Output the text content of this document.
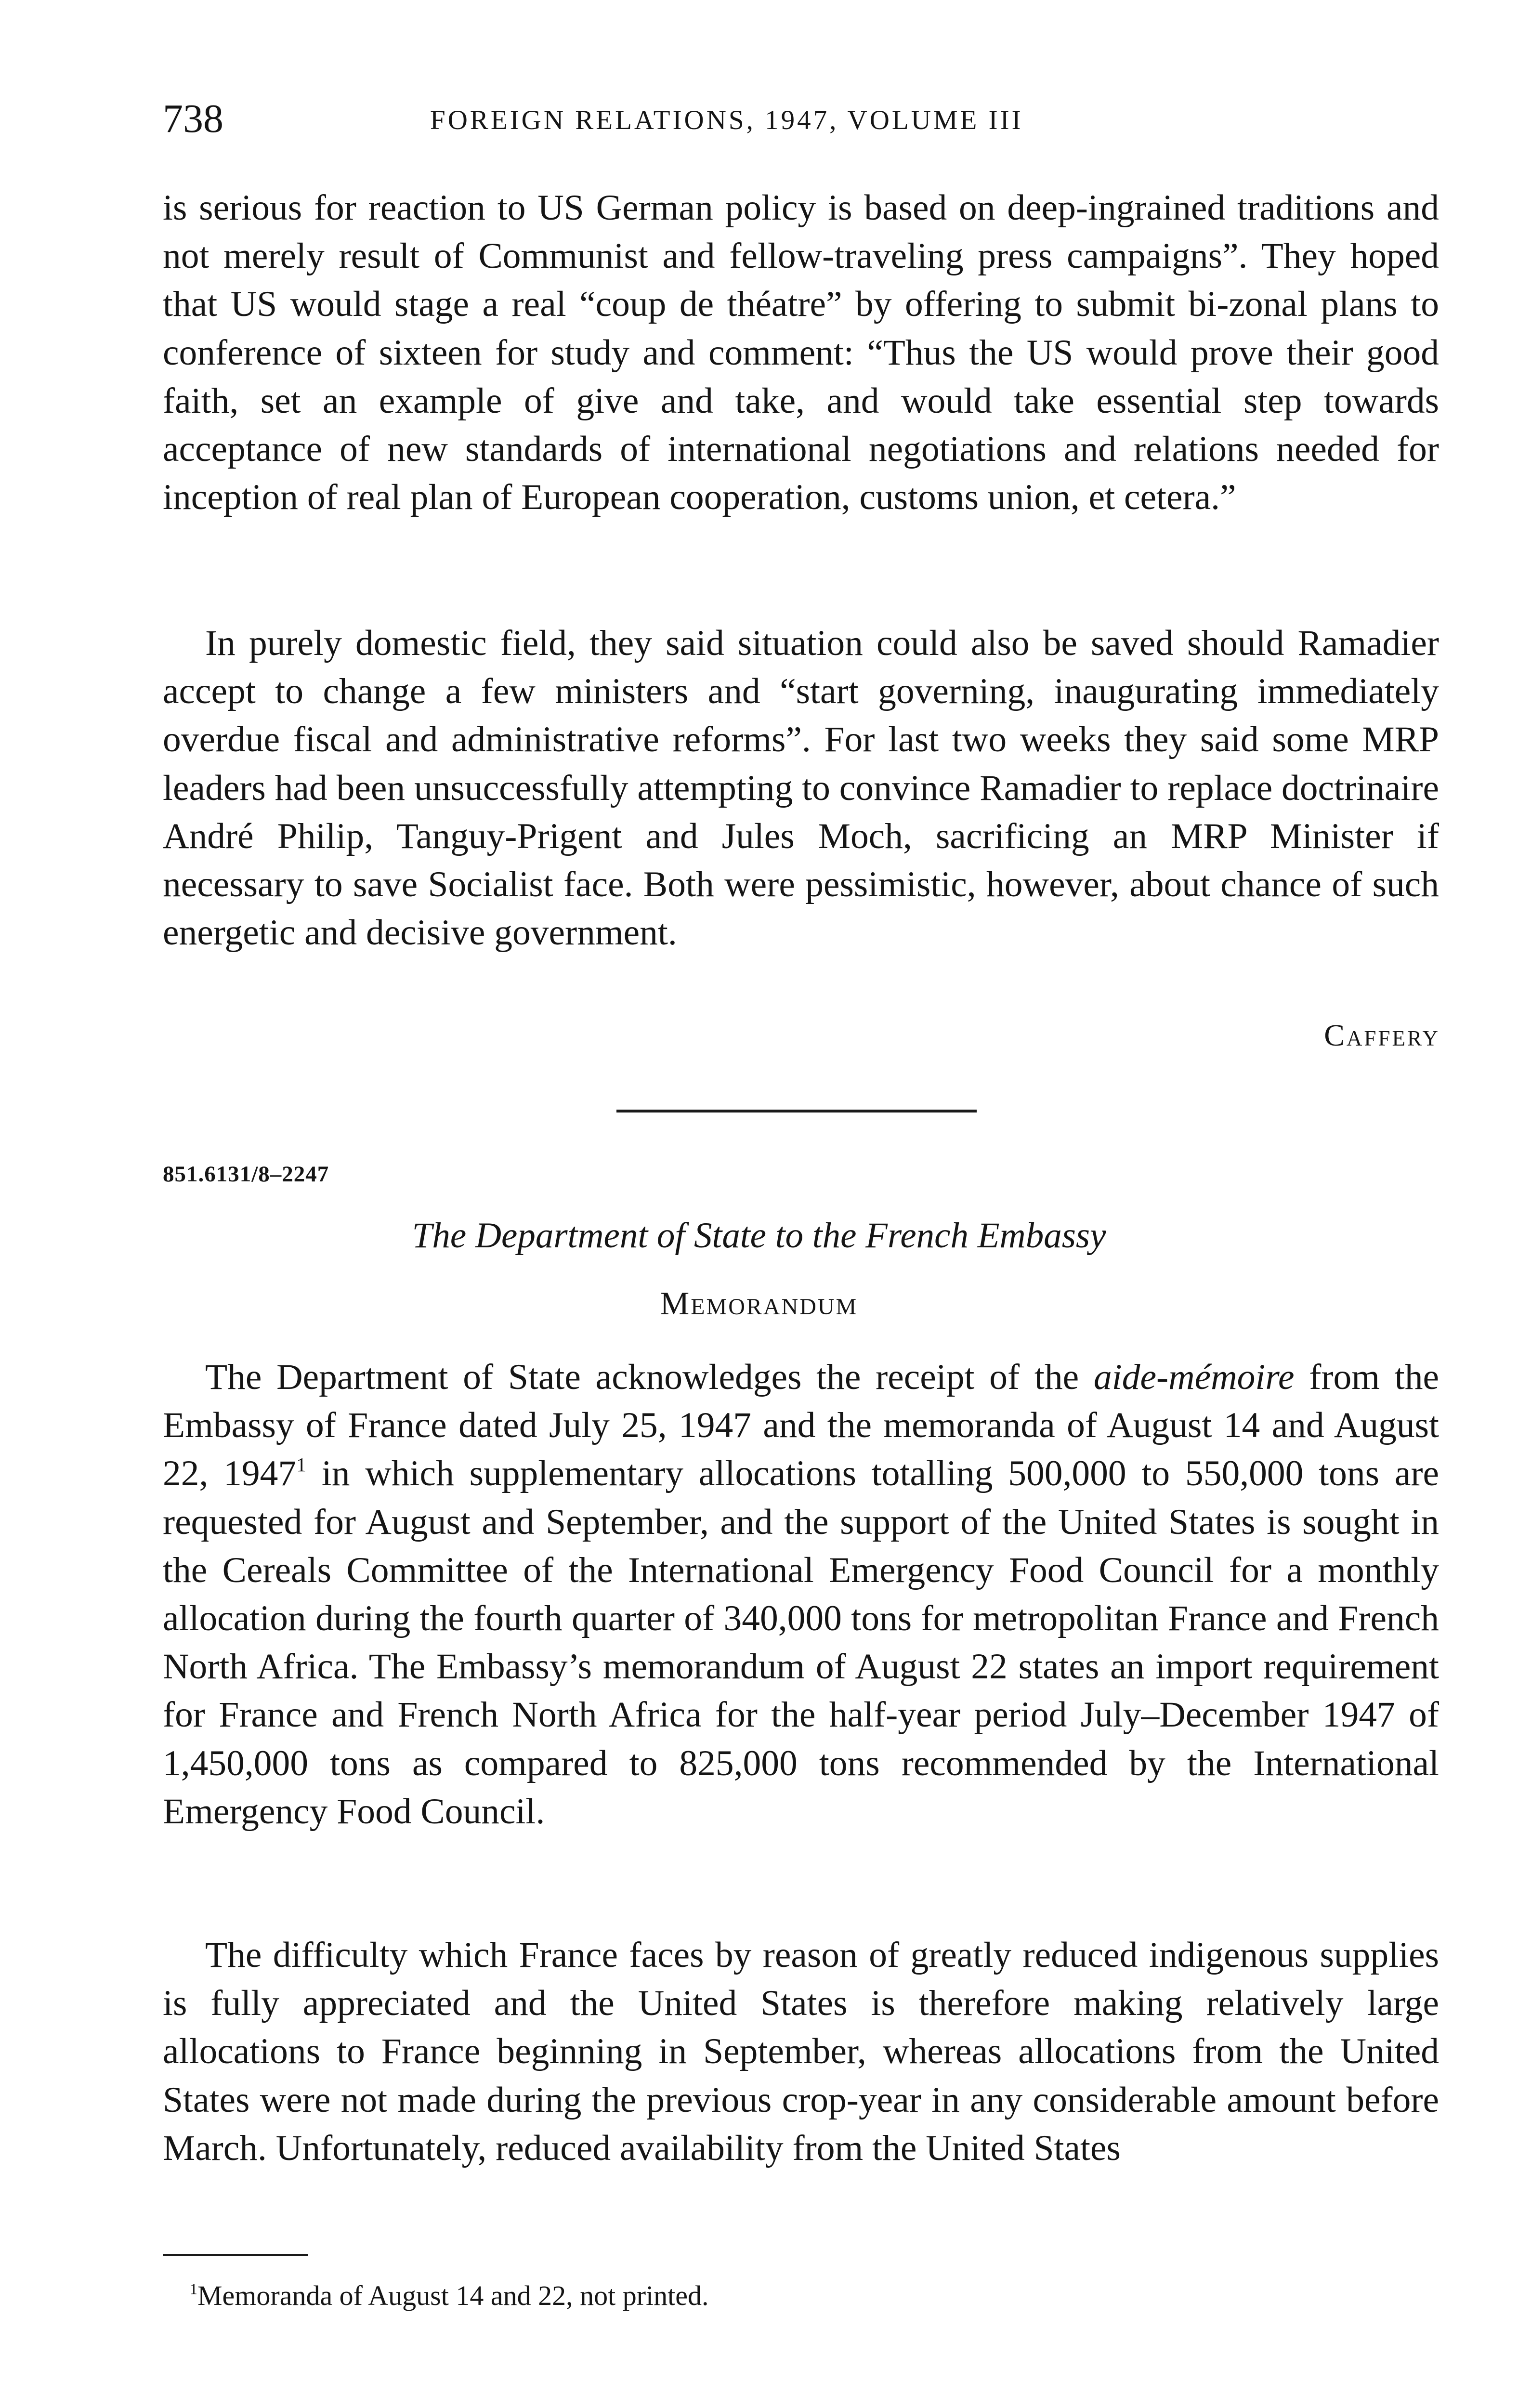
738	FOREIGN RELATIONS, 1947, VOLUME III

is serious for reaction to US German policy is based on deep-ingrained traditions and not merely result of Communist and fellow-traveling press campaigns”. They hoped that US would stage a real “coup de théatre” by offering to submit bi-zonal plans to conference of sixteen for study and comment: “Thus the US would prove their good faith, set an example of give and take, and would take essential step towards acceptance of new standards of international negotiations and relations needed for inception of real plan of European cooperation, customs union, et cetera.”

In purely domestic field, they said situation could also be saved should Ramadier accept to change a few ministers and “start governing, inaugurating immediately overdue fiscal and administrative reforms”. For last two weeks they said some MRP leaders had been unsuccessfully attempting to convince Ramadier to replace doctrinaire André Philip, Tanguy-Prigent and Jules Moch, sacrificing an MRP Minister if necessary to save Socialist face. Both were pessimistic, however, about chance of such energetic and decisive government.

Caffery
851.6131/8–2247
The Department of State to the French Embassy
Memorandum

The Department of State acknowledges the receipt of the aide-mémoire from the Embassy of France dated July 25, 1947 and the memoranda of August 14 and August 22, 1947$^1$ in which supplementary allocations totalling 500,000 to 550,000 tons are requested for August and September, and the support of the United States is sought in the Cereals Committee of the International Emergency Food Council for a monthly allocation during the fourth quarter of 340,000 tons for metropolitan France and French North Africa. The Embassy’s memorandum of August 22 states an import requirement for France and French North Africa for the half-year period July–December 1947 of 1,450,000 tons as compared to 825,000 tons recommended by the International Emergency Food Council.

The difficulty which France faces by reason of greatly reduced indigenous supplies is fully appreciated and the United States is therefore making relatively large allocations to France beginning in September, whereas allocations from the United States were not made during the previous crop-year in any considerable amount before March. Unfortunately, reduced availability from the United States

$^1$Memoranda of August 14 and 22, not printed.
